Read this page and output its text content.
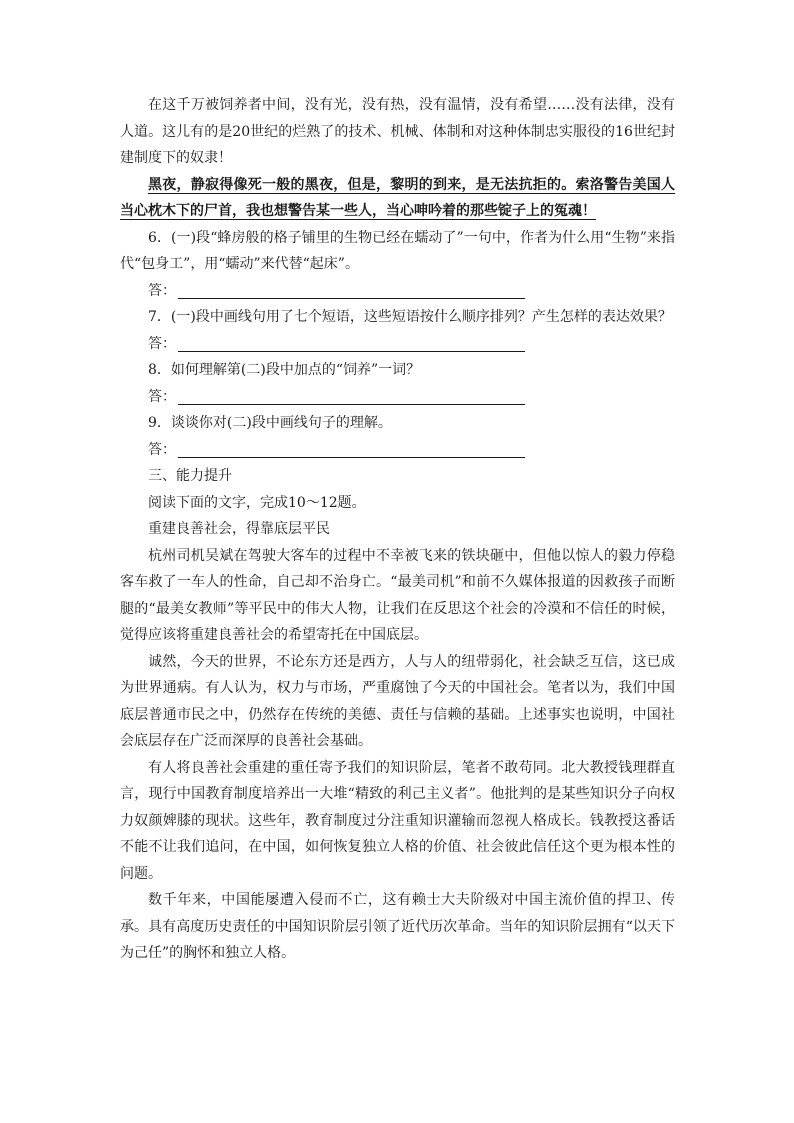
在这千万被饲养者中间，没有光，没有热，没有温情，没有希望……没有法律，没有人道。这儿有的是20世纪的烂熟了的技术、机械、体制和对这种体制忠实服役的16世纪封建制度下的奴隶！

黑夜，静寂得像死一般的黑夜，但是，黎明的到来，是无法抗拒的。索洛警告美国人当心枕木下的尸首，我也想警告某一些人，当心呻吟着的那些锭子上的冤魂！

6．(一)段“蜂房般的格子铺里的生物已经在蠕动了”一句中，作者为什么用“生物”来指代“包身工”，用“蠕动”来代替“起床”。

答：

7．(一)段中画线句用了七个短语，这些短语按什么顺序排列？产生怎样的表达效果？

答：

8．如何理解第(二)段中加点的“饲养”一词？

答：

9．谈谈你对(二)段中画线句子的理解。

答：

三、能力提升

阅读下面的文字，完成10～12题。

重建良善社会，得靠底层平民

杭州司机吴斌在驾驶大客车的过程中不幸被飞来的铁块砸中，但他以惊人的毅力停稳客车救了一车人的性命，自己却不治身亡。“最美司机”和前不久媒体报道的因救孩子而断腿的“最美女教师”等平民中的伟大人物，让我们在反思这个社会的冷漠和不信任的时候，觉得应该将重建良善社会的希望寄托在中国底层。

诚然，今天的世界，不论东方还是西方，人与人的纽带弱化，社会缺乏互信，这已成为世界通病。有人认为，权力与市场，严重腐蚀了今天的中国社会。笔者以为，我们中国底层普通市民之中，仍然存在传统的美德、责任与信赖的基础。上述事实也说明，中国社会底层存在广泛而深厚的良善社会基础。

有人将良善社会重建的重任寄予我们的知识阶层，笔者不敢苟同。北大教授钱理群直言，现行中国教育制度培养出一大堆“精致的利己主义者”。他批判的是某些知识分子向权力奴颜婢膝的现状。这些年，教育制度过分注重知识灌输而忽视人格成长。钱教授这番话不能不让我们追问，在中国，如何恢复独立人格的价值、社会彼此信任这个更为根本性的问题。

数千年来，中国能屡遭入侵而不亡，这有赖士大夫阶级对中国主流价值的捍卫、传承。具有高度历史责任的中国知识阶层引领了近代历次革命。当年的知识阶层拥有“以天下为己任”的胸怀和独立人格。
